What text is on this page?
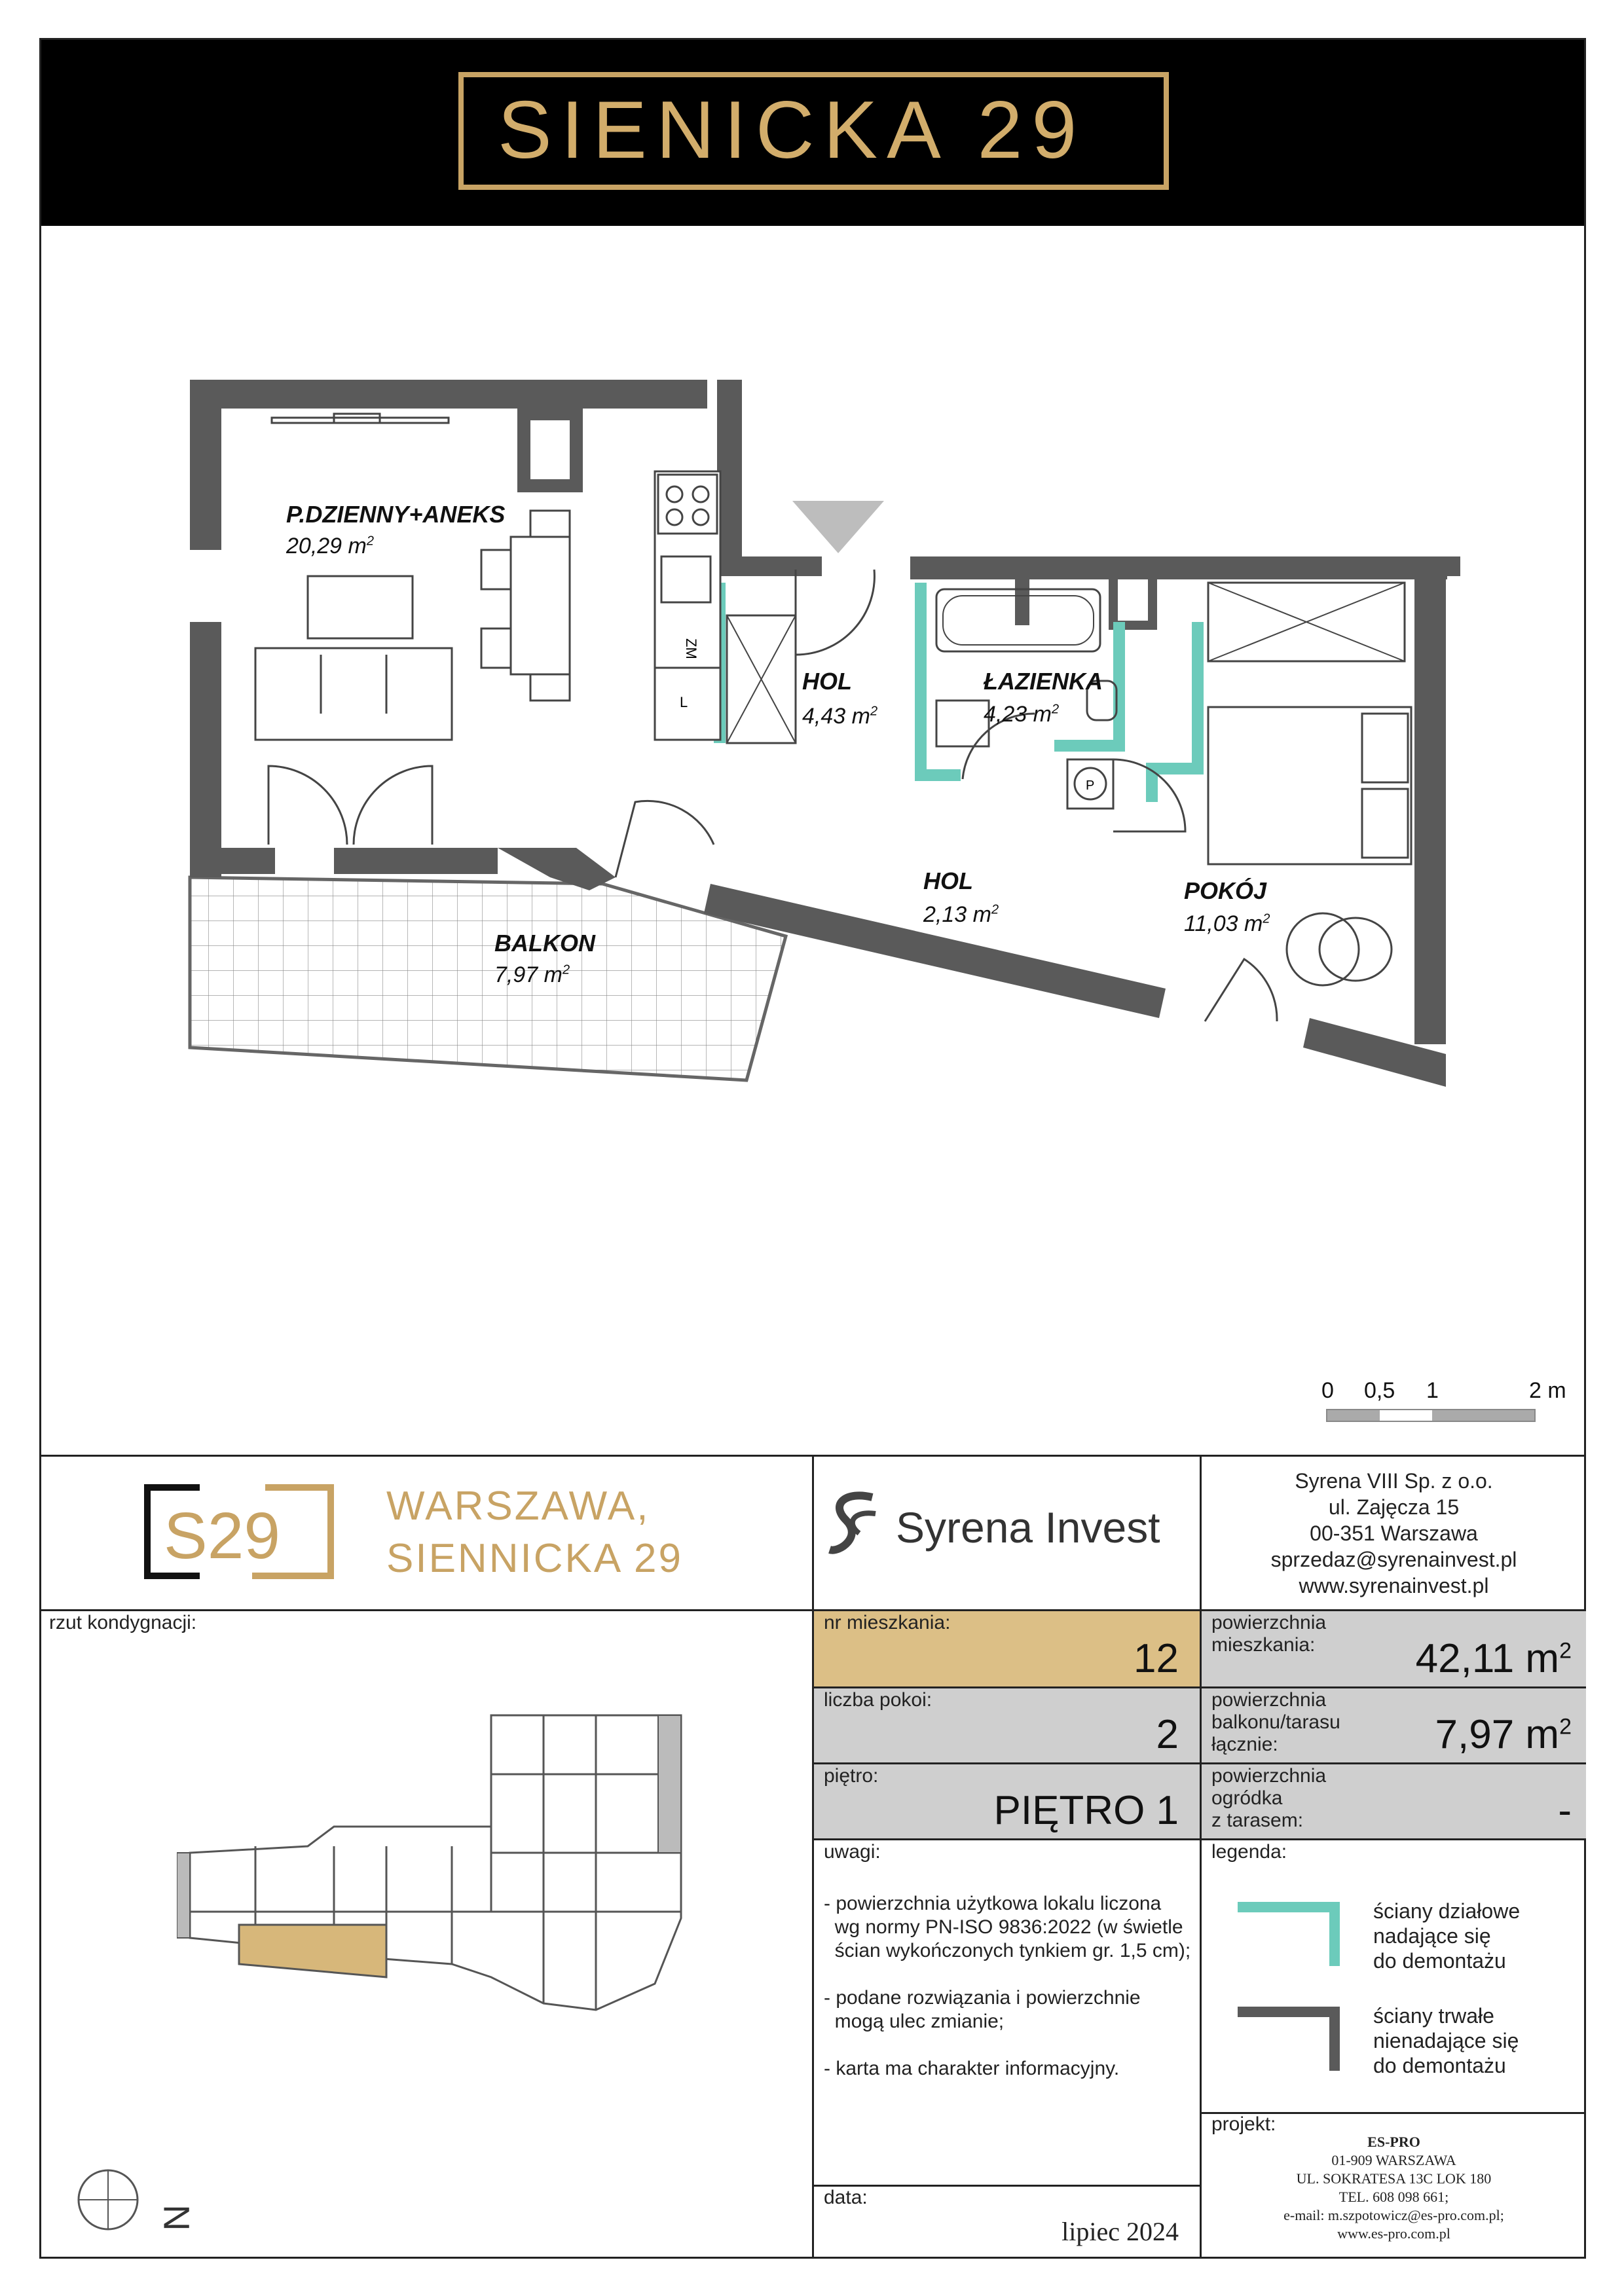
SIENICKA 29
ZM
L
P
P.DZIENNY+ANEKS
20,29 $m^2$
HOL
4,43 $m^2$
ŁAZIENKA
4,23 $m^2$
HOL
2,13 $m^2$
POKÓJ
11,03 $m^2$
BALKON
7,97 $m^2$
0 0,5 1	2 m
S29	WARSZAWA,
SIENNICKA 29
Syrena Invest
Syrena VIII Sp. z o.o.
ul. Zajęcza 15
00-351 Warszawa
sprzedaz@syrenainvest.pl
www.syrenainvest.pl
rzut kondygnacji:
N
nr mieszkania:
12
powierzchnia
mieszkania:	42,11 $m^2$
liczba pokoi:
2
powierzchnia
balkonu/tarasu
łącznie:	7,97 $m^2$
piętro:
PIĘTRO 1
powierzchnia
ogródka
z tarasem:	-
uwagi:
- powierzchnia użytkowa lokalu liczona
wg normy PN-ISO 9836:2022 (w świetle
ścian wykończonych tynkiem gr. 1,5 cm);
- podane rozwiązania i powierzchnie
mogą ulec zmianie;
- karta ma charakter informacyjny.
legenda:
ściany działowe
nadające się
do demontażu
ściany trwałe
nienadające się
do demontażu
projekt:
ES-PRO
01-909 WARSZAWA
UL. SOKRATESA 13C LOK 180
TEL. 608 098 661;
e-mail: m.szpotowicz@es-pro.com.pl;
www.es-pro.com.pl
data:
lipiec 2024
